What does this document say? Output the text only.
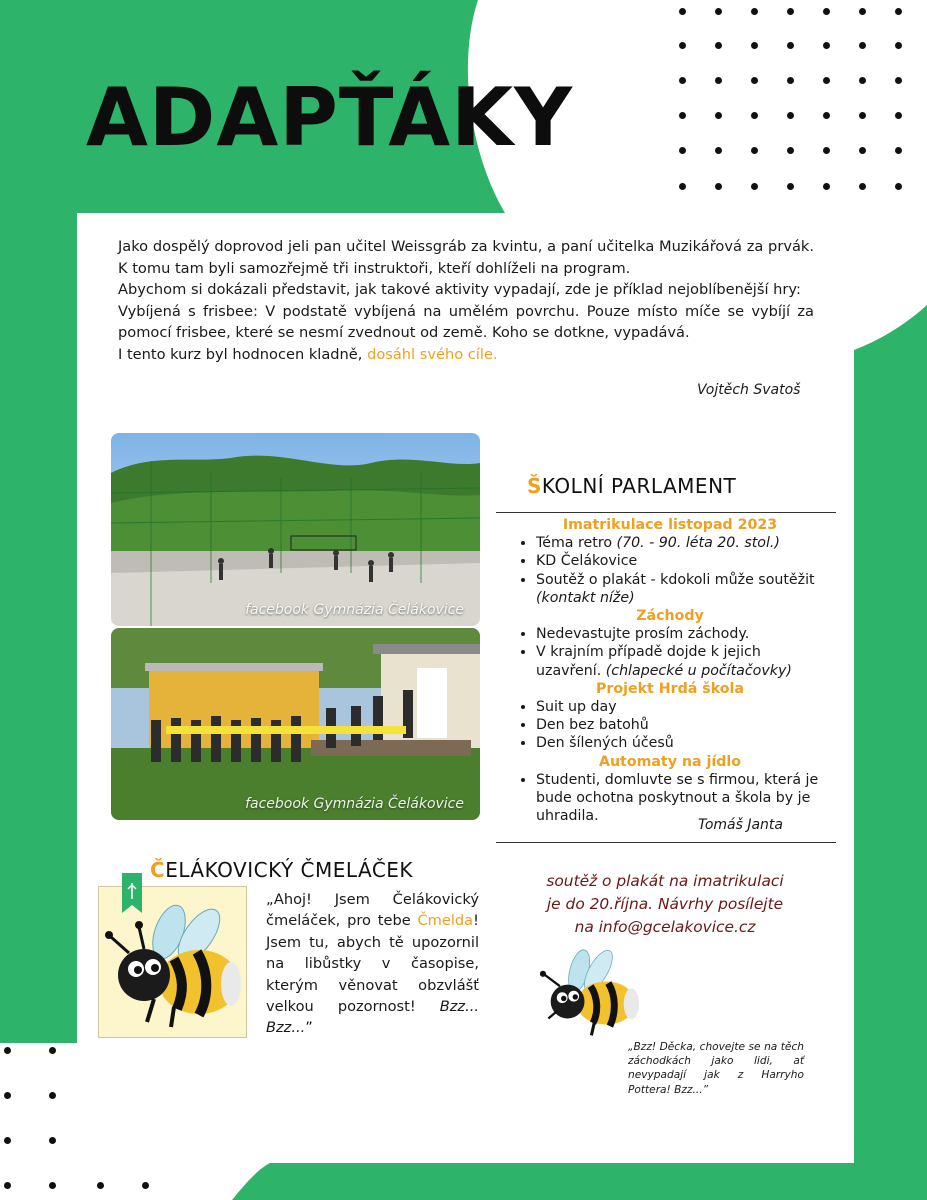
ADAPŤÁKY

Jako dospělý doprovod jeli pan učitel Weissgráb za kvintu, a paní učitelka Muzikářová za prvák. K tomu tam byli samozřejmě tři instruktoři, kteří dohlíželi na program.

Abychom si dokázali představit, jak takové aktivity vypadají, zde je příklad nejoblíbenější hry:

Vybíjená s frisbee: V podstatě vybíjená na umělém povrchu. Pouze místo míče se vybíjí za pomocí frisbee, které se nesmí zvednout od země. Koho se dotkne, vypadává.

I tento kurz byl hodnocen kladně, dosáhl svého cíle.

Vojtěch Svatoš
facebook Gymnázia Čelákovice
facebook Gymnázia Čelákovice
ŠKOLNÍ PARLAMENT
Imatrikulace listopad 2023
• Téma retro (70. - 90. léta 20. stol.)
• KD Čelákovice
• Soutěž o plakát - kdokoli může soutěžit (kontakt níže)
Záchody
• Nedevastujte prosím záchody.
• V krajním případě dojde k jejich uzavření. (chlapecké u počítačovky)
Projekt Hrdá škola
• Suit up day
• Den bez batohů
• Den šílených účesů
Automaty na jídlo
• Studenti, domluvte se s firmou, která je bude ochotna poskytnout a škola by je uhradila.
Tomáš Janta
ČELÁKOVICKÝ ČMELÁČEK

„Ahoj! Jsem Čelákovický čmeláček, pro tebe Čmelda! Jsem tu, abych tě upozornil na libůstky v časopise, kterým věnovat obzvlášť velkou pozornost! Bzz... Bzz...”

soutěž o plakát na imatrikulaci
je do 20.října. Návrhy posílejte
na info@gcelakovice.cz
„Bzz! Děcka, chovejte se na těch záchodkách jako lidi, ať nevypadají jak z Harryho Pottera! Bzz...”
